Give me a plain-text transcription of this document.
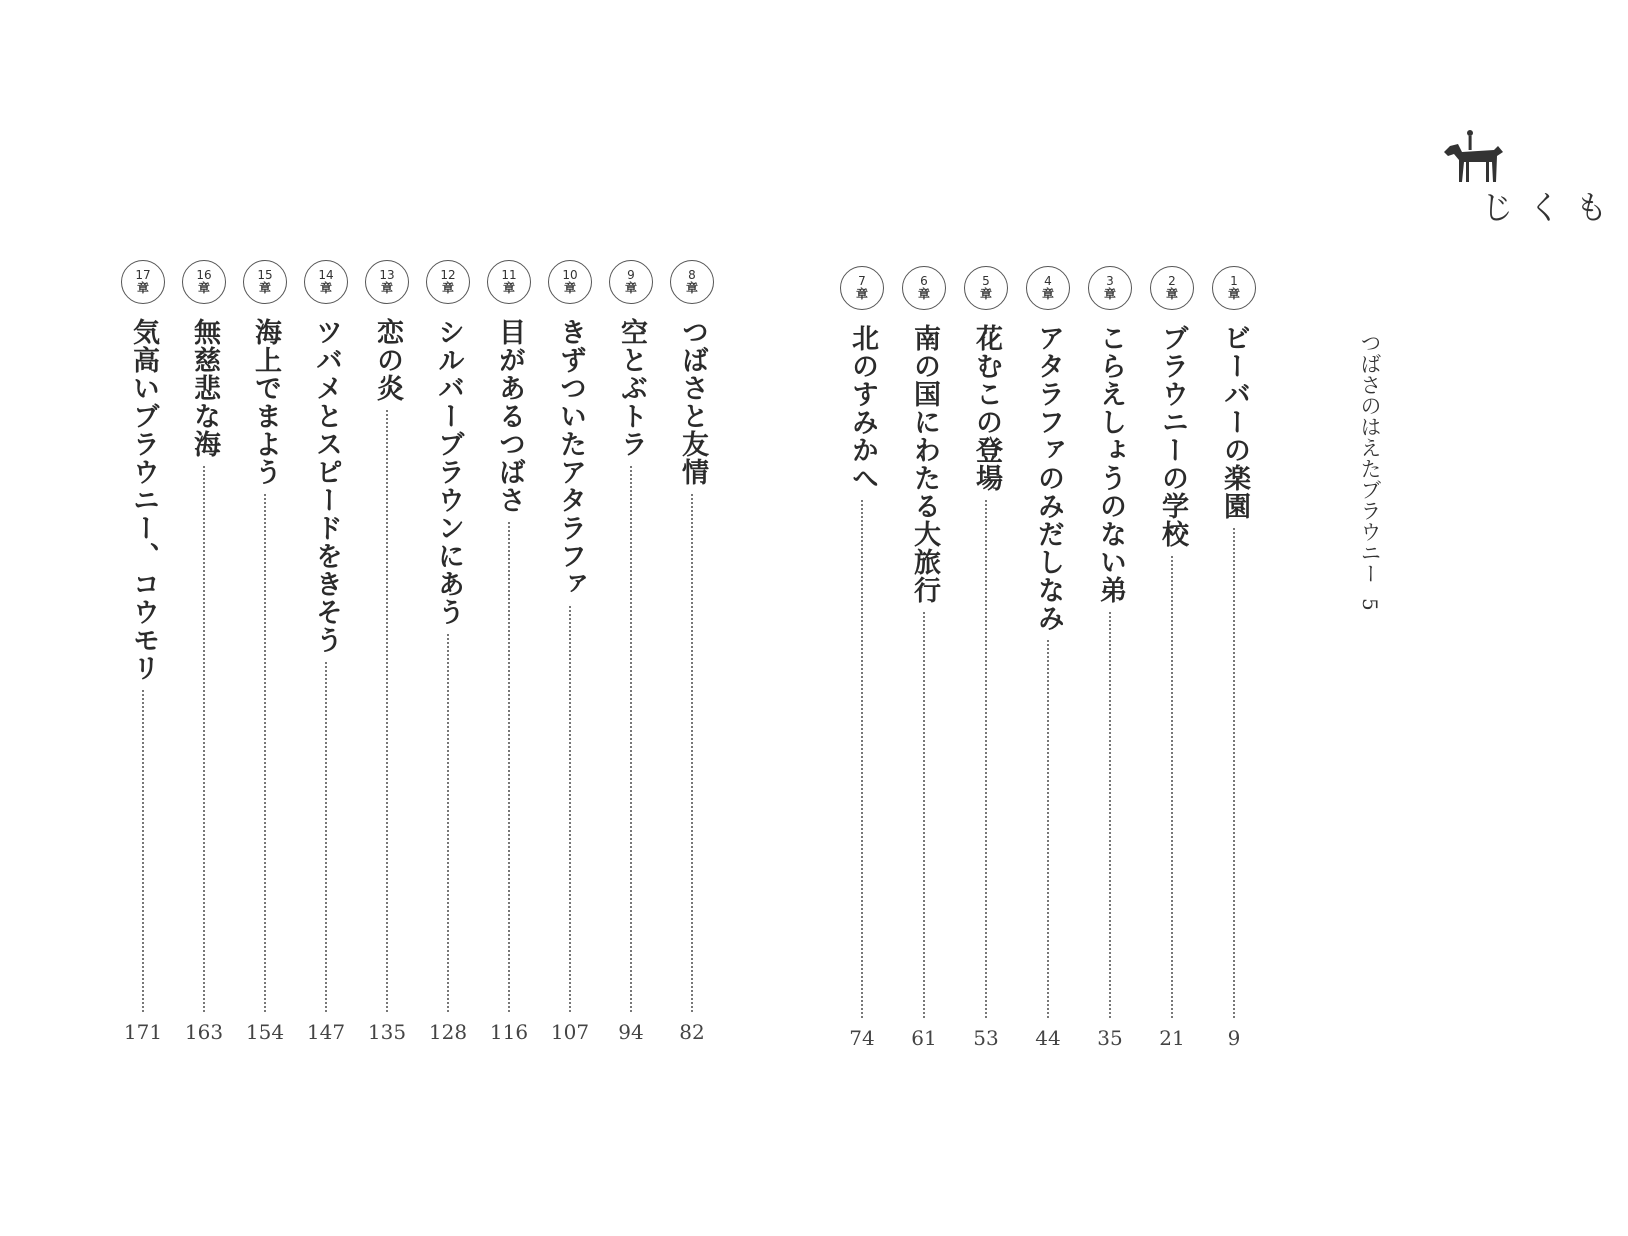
もくじ
つばさのはえたブラウニー
5
1
章
ビーバーの楽園
9
2
章
ブラウニーの学校
21
3
章
こらえしょうのない弟
35
4
章
アタラファのみだしなみ
44
5
章
花むこの登場
53
6
章
南の国にわたる大旅行
61
7
章
北のすみかへ
74
8
章
つばさと友情
82
9
章
空とぶトラ
94
10
章
きずついたアタラファ
107
11
章
目があるつばさ
116
12
章
シルバーブラウンにあう
128
13
章
恋の炎
135
14
章
ツバメとスピードをきそう
147
15
章
海上でまよう
154
16
章
無慈悲な海
163
17
章
気高いブラウニー、コウモリ
171
